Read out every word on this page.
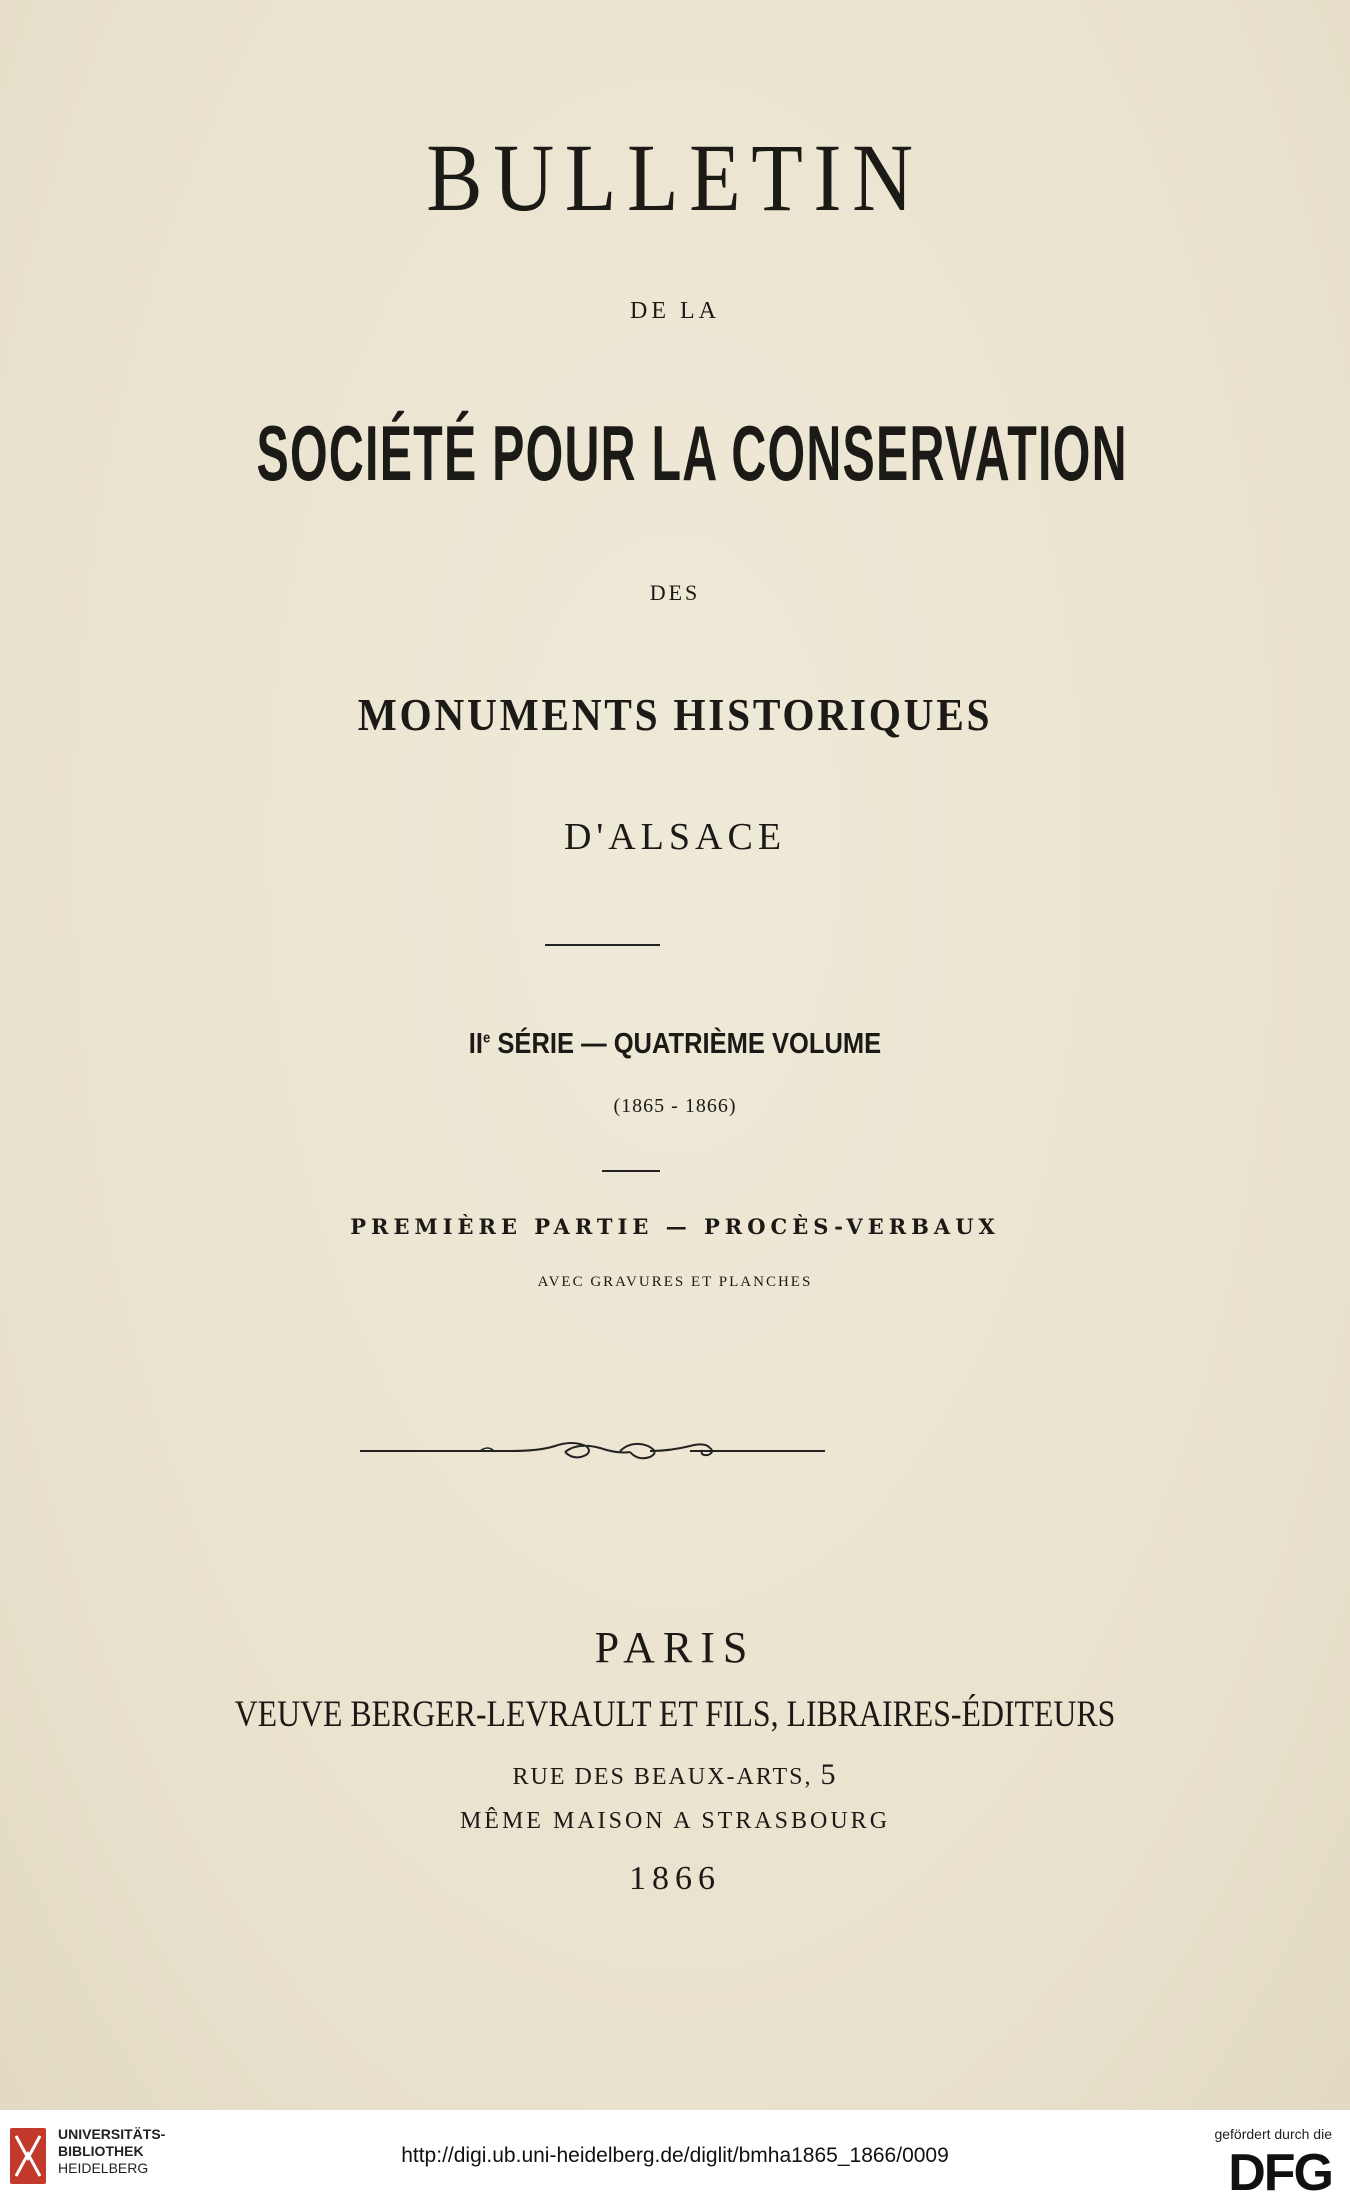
BULLETIN
DE LA
SOCIÉTÉ POUR LA CONSERVATION
DES
MONUMENTS HISTORIQUES
D'ALSACE
IIe SÉRIE — QUATRIÈME VOLUME
(1865 - 1866)
PREMIÈRE PARTIE — PROCÈS-VERBAUX
AVEC GRAVURES ET PLANCHES
PARIS
VEUVE BERGER-LEVRAULT ET FILS, LIBRAIRES-ÉDITEURS
RUE DES BEAUX-ARTS, 5
MÊME MAISON A STRASBOURG
1866
UNIVERSITÄTS-
BIBLIOTHEK
HEIDELBERG
http://digi.ub.uni-heidelberg.de/diglit/bmha1865_1866/0009
gefördert durch die
DFG
